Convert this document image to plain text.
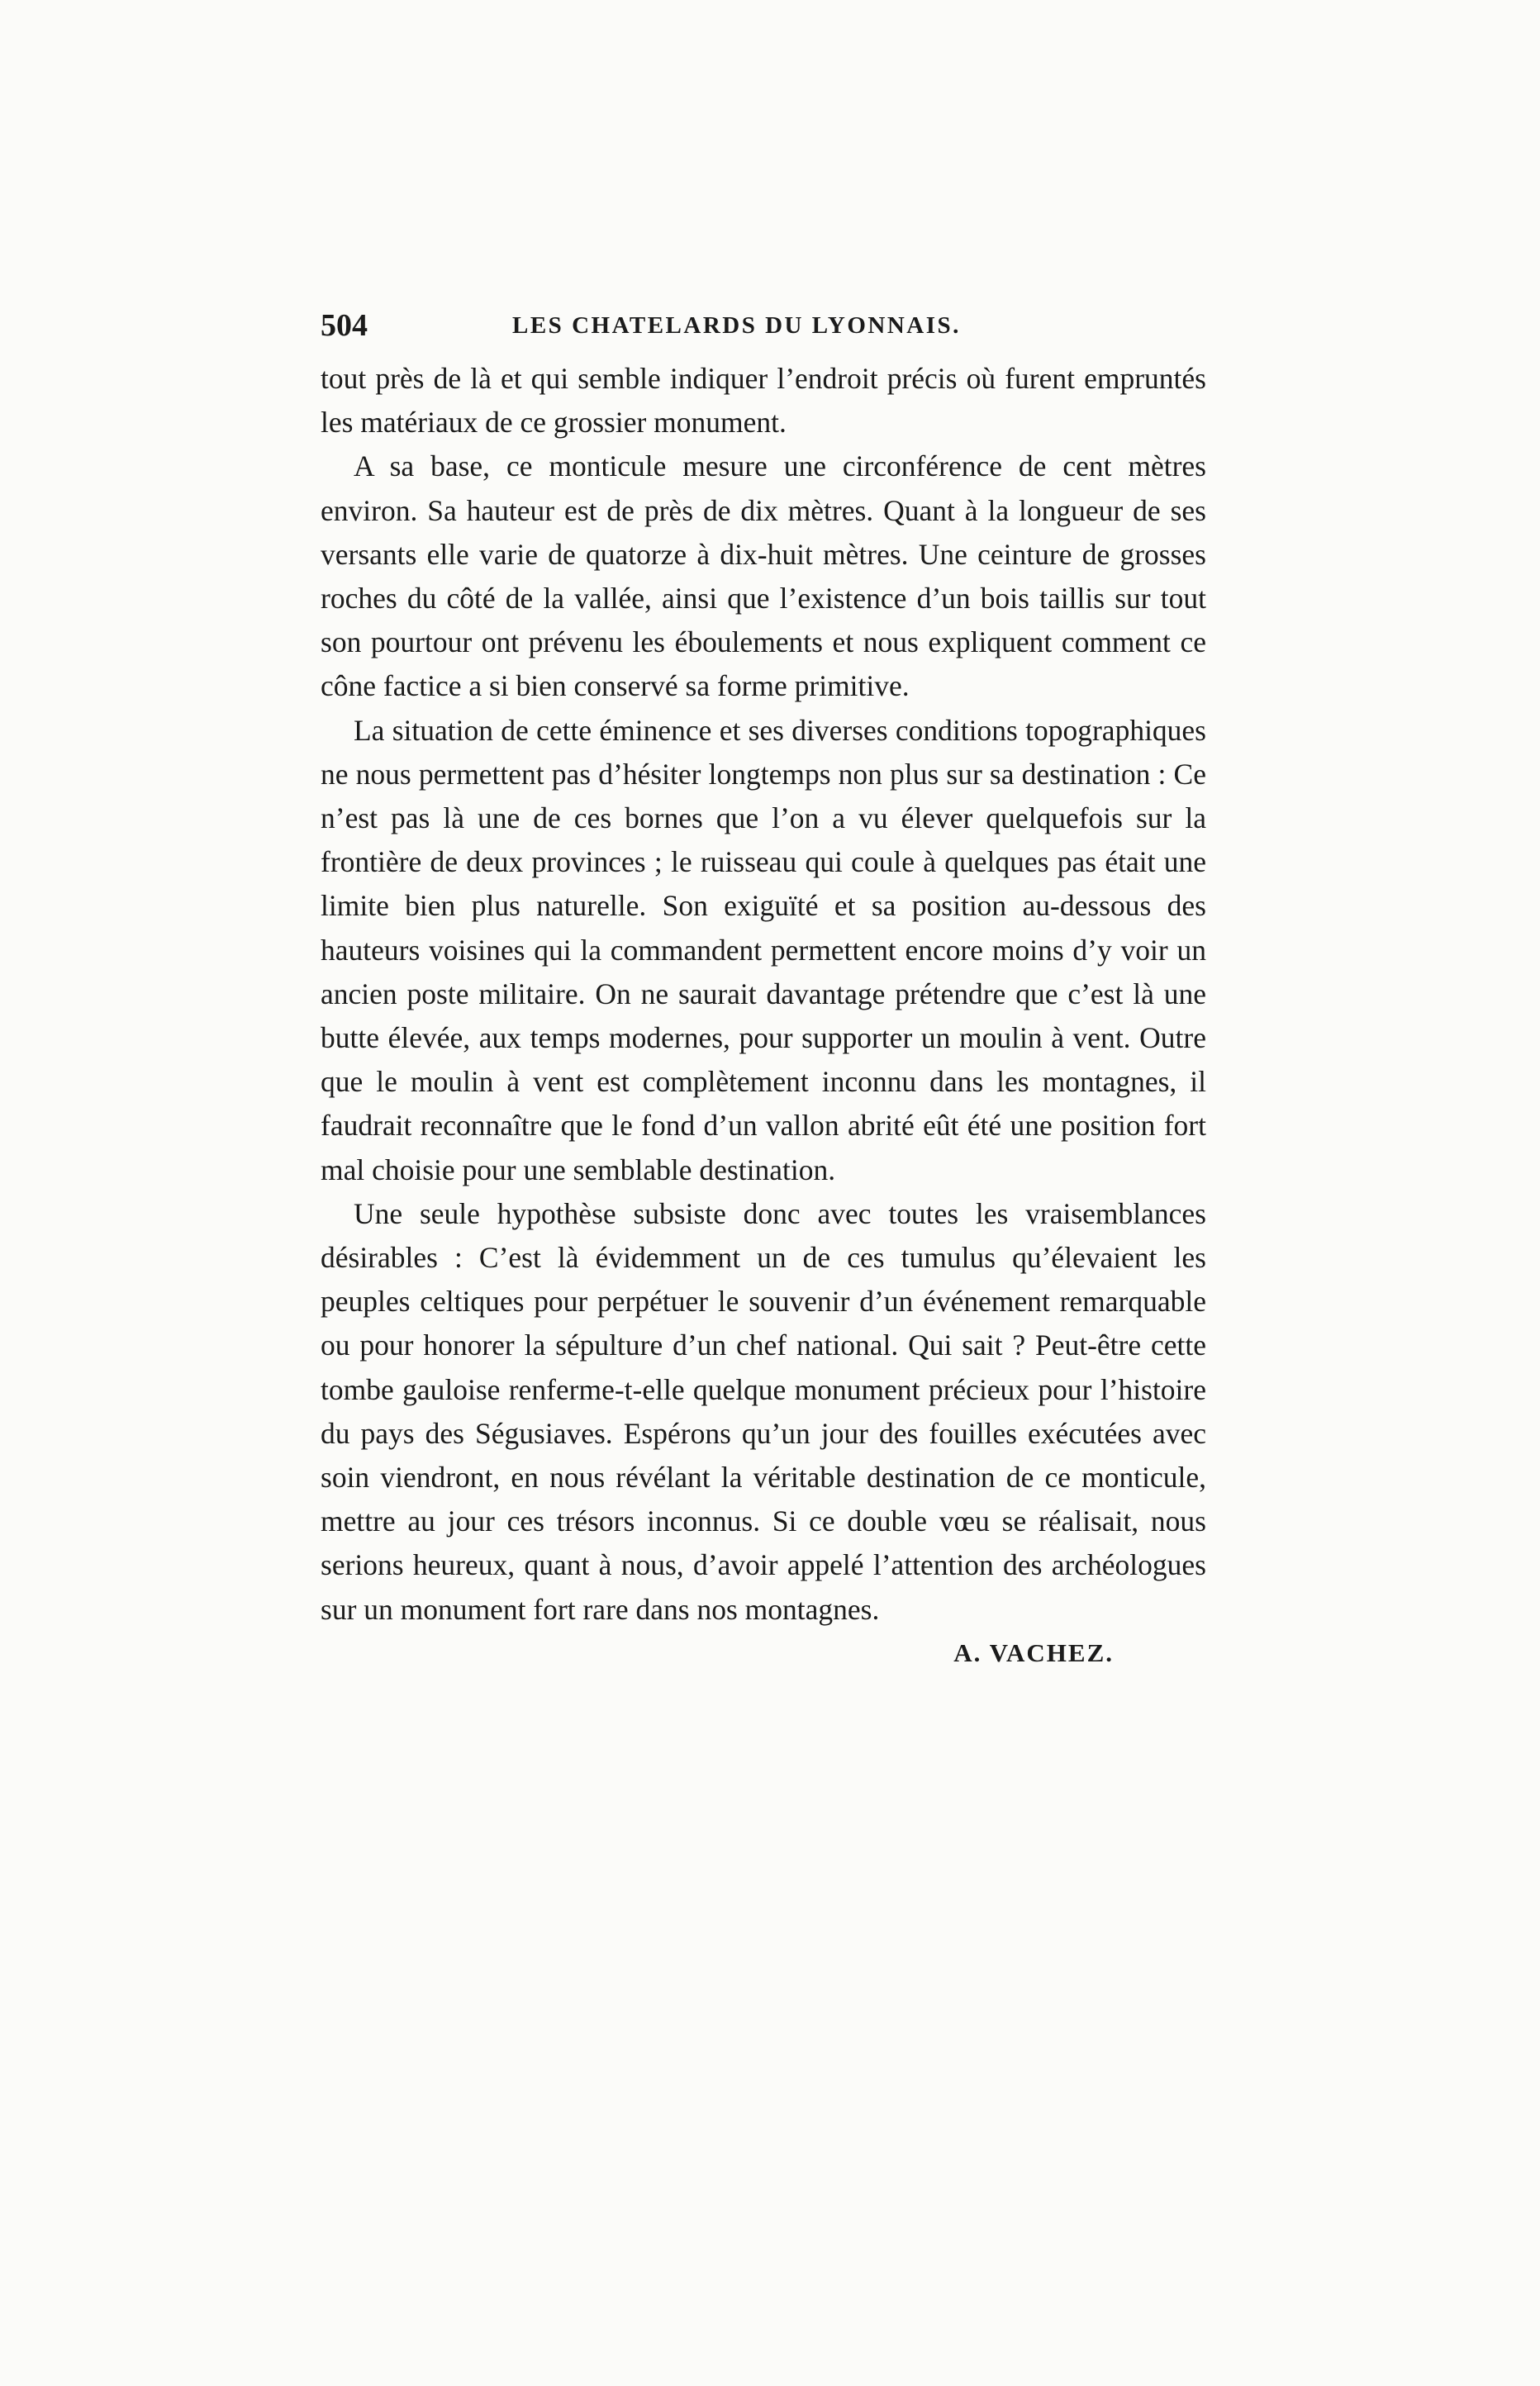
504	LES CHATELARDS DU LYONNAIS.

tout près de là et qui semble indiquer l’endroit précis où furent empruntés les matériaux de ce grossier monument.

A sa base, ce monticule mesure une circonférence de cent mètres environ. Sa hauteur est de près de dix mètres. Quant à la longueur de ses versants elle varie de quatorze à dix-huit mètres. Une ceinture de grosses roches du côté de la vallée, ainsi que l’existence d’un bois taillis sur tout son pourtour ont prévenu les éboulements et nous expliquent comment ce cône factice a si bien conservé sa forme primitive.

La situation de cette éminence et ses diverses conditions topographiques ne nous permettent pas d’hésiter longtemps non plus sur sa destination : Ce n’est pas là une de ces bornes que l’on a vu élever quelquefois sur la frontière de deux provinces ; le ruisseau qui coule à quelques pas était une limite bien plus naturelle. Son exiguïté et sa position au-dessous des hauteurs voisines qui la commandent permettent encore moins d’y voir un ancien poste militaire. On ne saurait davantage prétendre que c’est là une butte élevée, aux temps modernes, pour supporter un moulin à vent. Outre que le moulin à vent est complètement inconnu dans les montagnes, il faudrait reconnaître que le fond d’un vallon abrité eût été une position fort mal choisie pour une semblable destination.

Une seule hypothèse subsiste donc avec toutes les vraisemblances désirables : C’est là évidemment un de ces tumulus qu’élevaient les peuples celtiques pour perpétuer le souvenir d’un événement remarquable ou pour honorer la sépulture d’un chef national. Qui sait ? Peut-être cette tombe gauloise renferme-t-elle quelque monument précieux pour l’histoire du pays des Ségusiaves. Espérons qu’un jour des fouilles exécutées avec soin viendront, en nous révélant la véritable destination de ce monticule, mettre au jour ces trésors inconnus. Si ce double vœu se réalisait, nous serions heureux, quant à nous, d’avoir appelé l’attention des archéologues sur un monument fort rare dans nos montagnes.

A. VACHEZ.
